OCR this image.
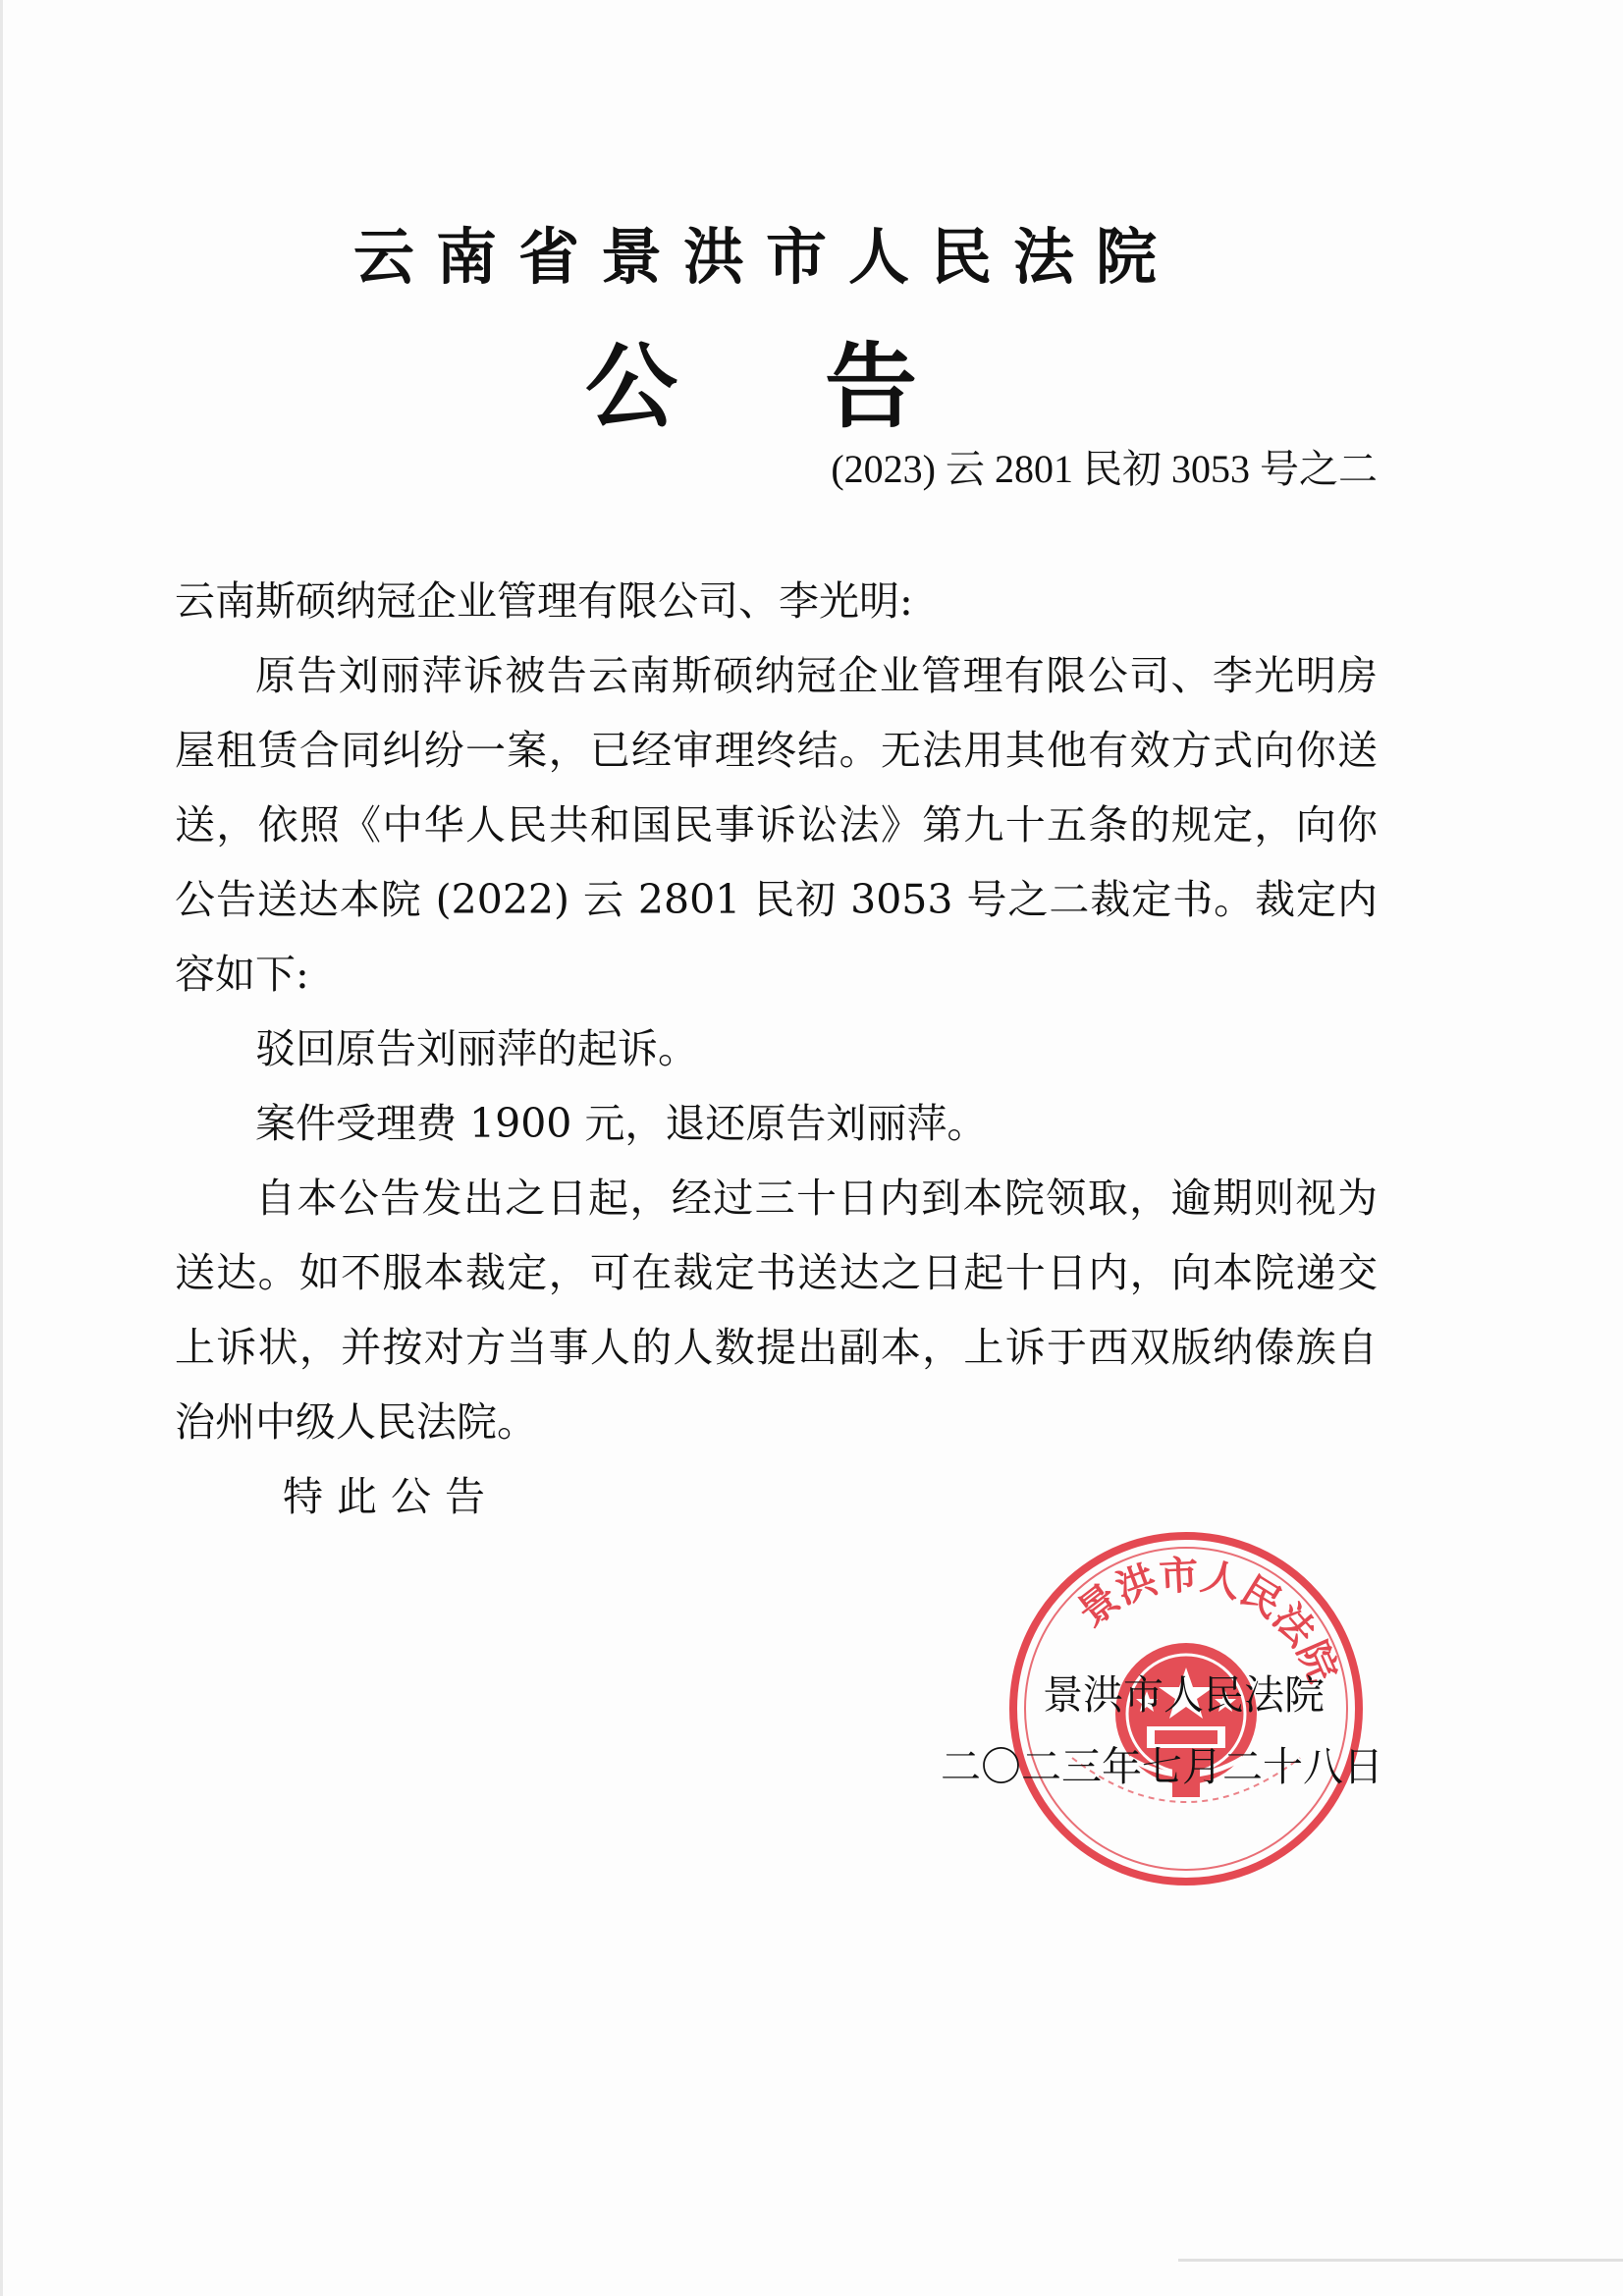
云南省景洪市人民法院
公告
(2023) 云 2801 民初 3053 号之二

云南斯硕纳冠企业管理有限公司、李光明:

原告刘丽萍诉被告云南斯硕纳冠企业管理有限公司、李光明房屋租赁合同纠纷一案，已经审理终结。无法用其他有效方式向你送送，依照《中华人民共和国民事诉讼法》第九十五条的规定，向你公告送达本院 (2022) 云 2801 民初 3053 号之二裁定书。裁定内容如下:

驳回原告刘丽萍的起诉。

案件受理费 1900 元，退还原告刘丽萍。

自本公告发出之日起，经过三十日内到本院领取，逾期则视为送达。如不服本裁定，可在裁定书送达之日起十日内，向本院递交上诉状，并按对方当事人的人数提出副本，上诉于西双版纳傣族自治州中级人民法院。

特此公告

景洪市人民法院
景洪市人民法院
二〇二三年七月二十八日
